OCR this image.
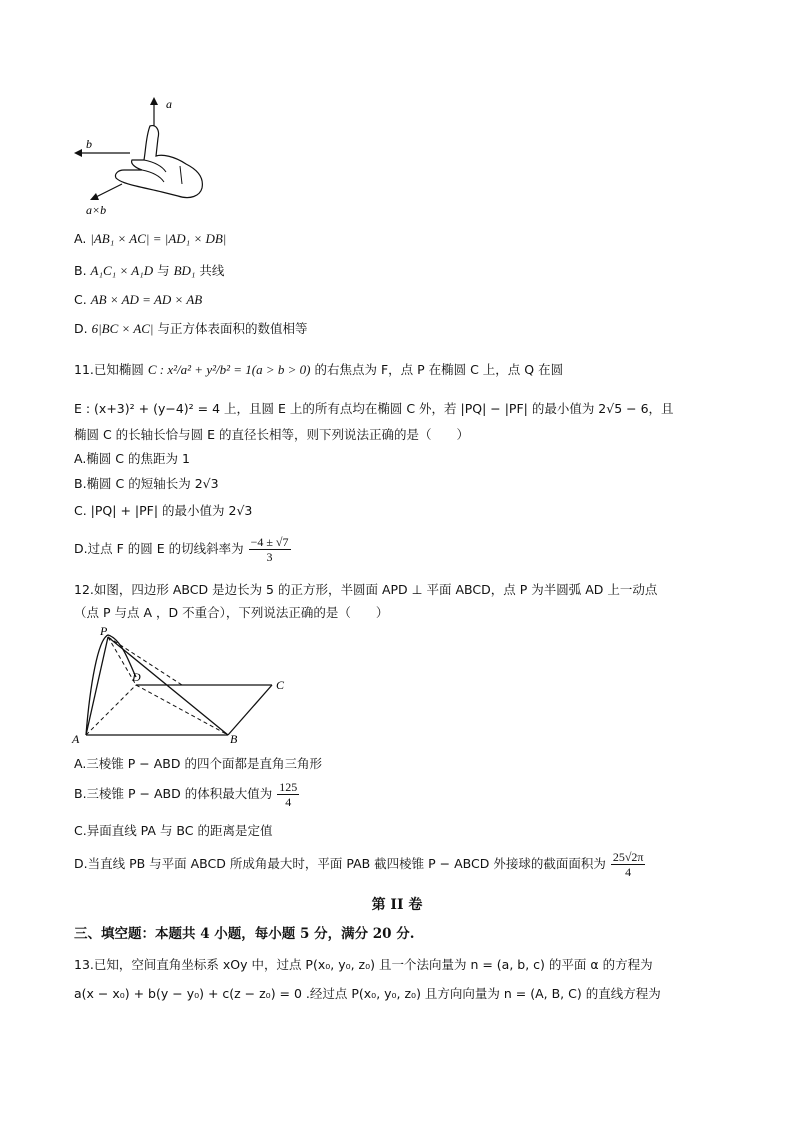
a
b
a×b
A. |AB₁ × AC| = |AD₁ × DB|
B. A₁C₁ × A₁D 与 BD₁ 共线
C. AB × AD = AD × AB
D. 6|BC × AC| 与正方体表面积的数值相等
11.已知椭圆 C : x²/a² + y²/b² = 1(a > b > 0) 的右焦点为 F，点 P 在椭圆 C 上，点 Q 在圆
E : (x+3)² + (y−4)² = 4 上，且圆 E 上的所有点均在椭圆 C 外，若 |PQ| − |PF| 的最小值为 2√5 − 6，且
椭圆 C 的长轴长恰与圆 E 的直径长相等，则下列说法正确的是（　　）
A.椭圆 C 的焦距为 1
B.椭圆 C 的短轴长为 2√3
C. |PQ| + |PF| 的最小值为 2√3
D.过点 F 的圆 E 的切线斜率为 $\frac{-4 \pm √7}{3}$
12.如图，四边形 ABCD 是边长为 5 的正方形，半圆面 APD ⊥ 平面 ABCD，点 P 为半圆弧 AD 上一动点
（点 P 与点 A ，D 不重合），下列说法正确的是（　　）
P
A	B
C
D
A.三棱锥 P − ABD 的四个面都是直角三角形
B.三棱锥 P − ABD 的体积最大值为 $\frac{125}{4}$
C.异面直线 PA 与 BC 的距离是定值
D.当直线 PB 与平面 ABCD 所成角最大时，平面 PAB 截四棱锥 P − ABCD 外接球的截面面积为 $\frac{25√2\pi}{4}$
第 II 卷
三、填空题：本题共 4 小题，每小题 5 分，满分 20 分.
13.已知，空间直角坐标系 xOy 中，过点 P(x₀, y₀, z₀) 且一个法向量为 n = (a, b, c) 的平面 α 的方程为
a(x − x₀) + b(y − y₀) + c(z − z₀) = 0 .经过点 P(x₀, y₀, z₀) 且方向向量为 n = (A, B, C) 的直线方程为
